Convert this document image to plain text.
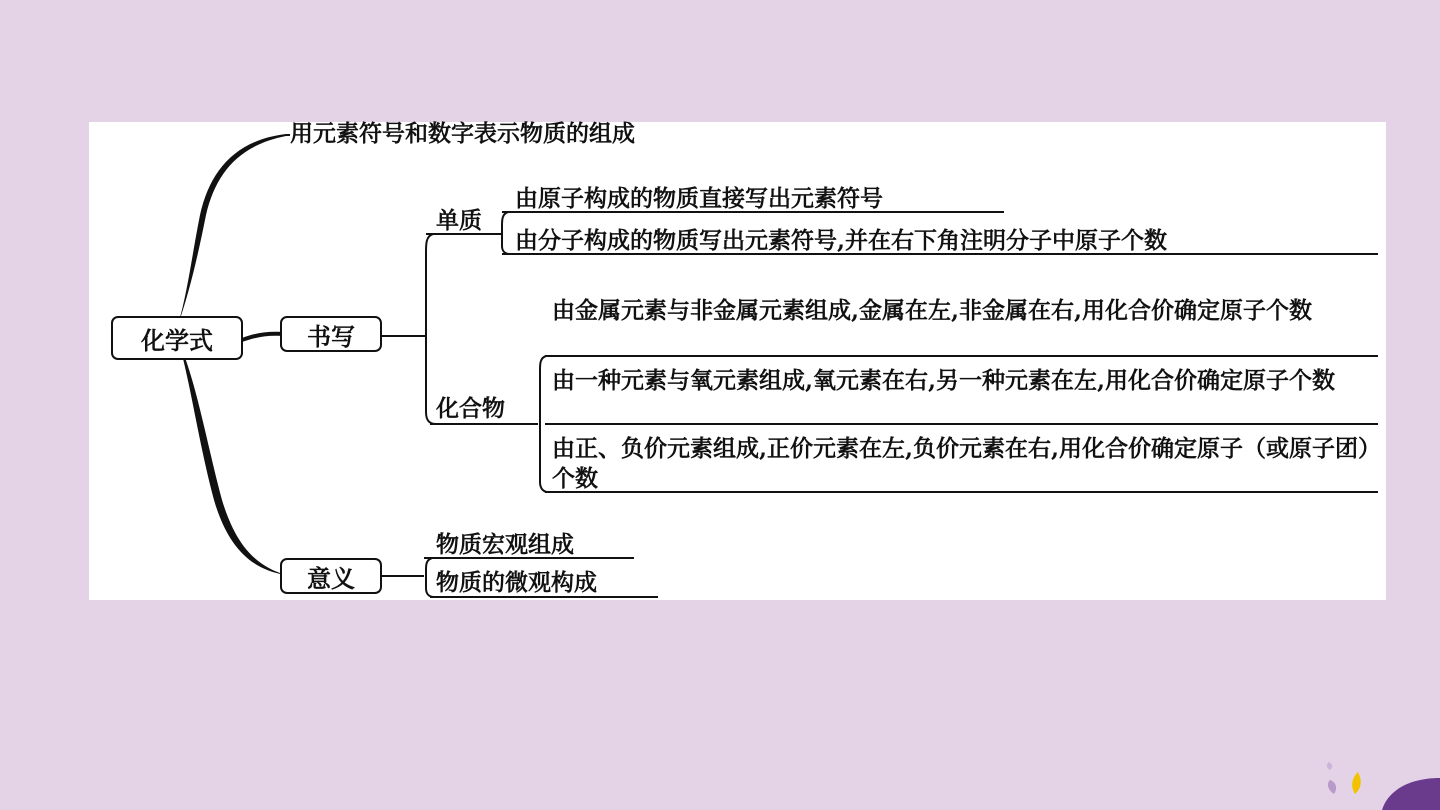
化学式	书写
意义
用元素符号和数字表示物质的组成
单质
由原子构成的物质直接写出元素符号
由分子构成的物质写出元素符号,并在右下角注明分子中原子个数
化合物
由金属元素与非金属元素组成,金属在左,非金属在右,用化合价确定原子个数
由一种元素与氧元素组成,氧元素在右,另一种元素在左,用化合价确定原子个数
由正、负价元素组成,正价元素在左,负价元素在右,用化合价确定原子（或原子团）个数
物质宏观组成
物质的微观构成
